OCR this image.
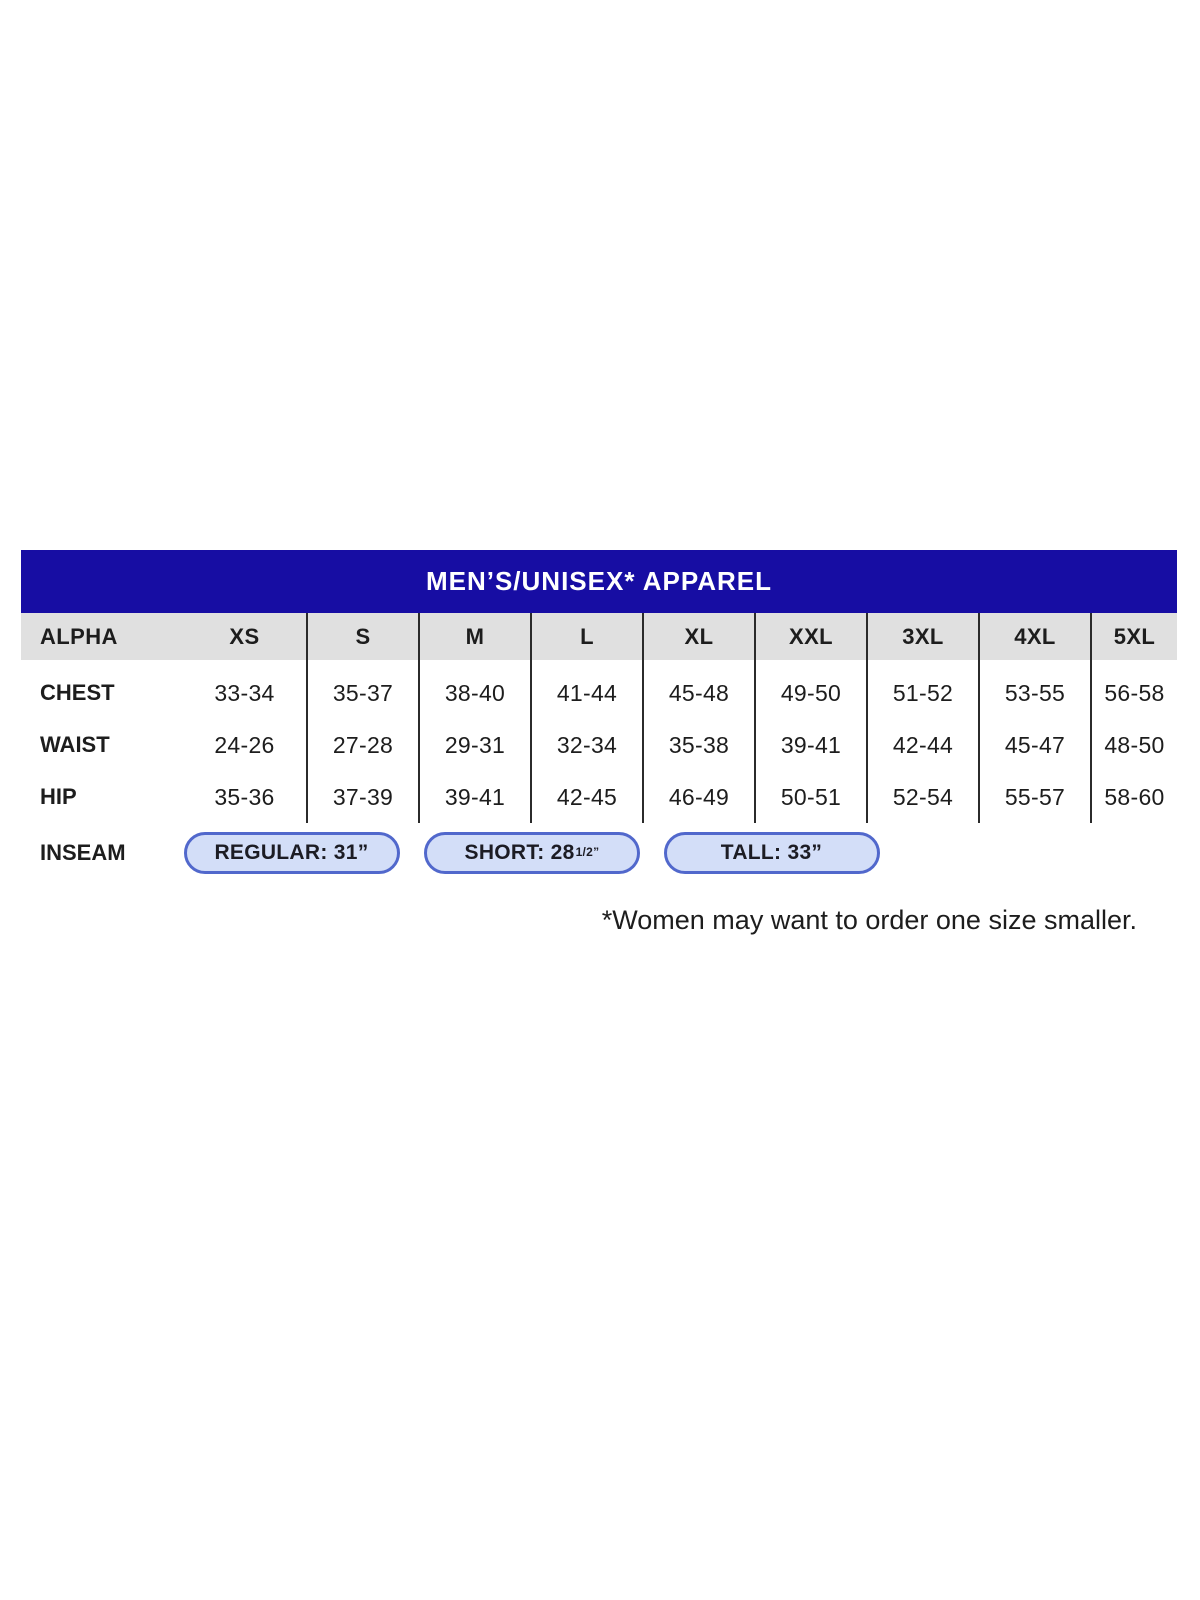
MEN’S/UNISEX* APPAREL
ALPHA	XS	S	M	L	XL	XXL	3XL	4XL	5XL

CHEST	33-34	35-37	38-40	41-44	45-48	49-50	51-52	53-55	56-58
WAIST	24-26	27-28	29-31	32-34	35-38	39-41	42-44	45-47	48-50
HIP	35-36	37-39	39-41	42-45	46-49	50-51	52-54	55-57	58-60
INSEAM	REGULAR: 31”	SHORT: $28^{1/2”}$	TALL: 33”
*Women may want to order one size smaller.
